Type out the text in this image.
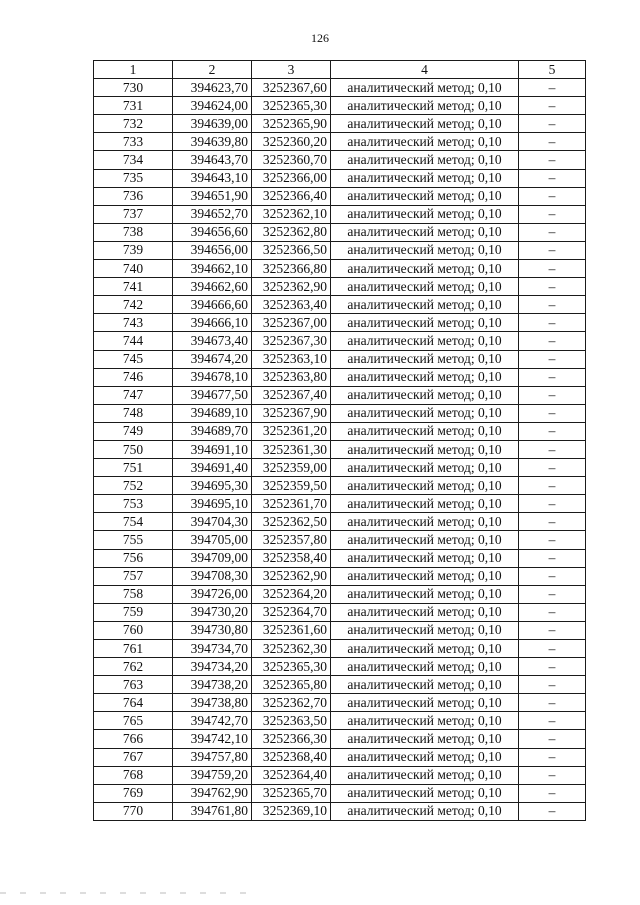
126
1	2	3	4	5
730	394623,70	3252367,60	аналитический метод; 0,10	–
731	394624,00	3252365,30	аналитический метод; 0,10	–
732	394639,00	3252365,90	аналитический метод; 0,10	–
733	394639,80	3252360,20	аналитический метод; 0,10	–
734	394643,70	3252360,70	аналитический метод; 0,10	–
735	394643,10	3252366,00	аналитический метод; 0,10	–
736	394651,90	3252366,40	аналитический метод; 0,10	–
737	394652,70	3252362,10	аналитический метод; 0,10	–
738	394656,60	3252362,80	аналитический метод; 0,10	–
739	394656,00	3252366,50	аналитический метод; 0,10	–
740	394662,10	3252366,80	аналитический метод; 0,10	–
741	394662,60	3252362,90	аналитический метод; 0,10	–
742	394666,60	3252363,40	аналитический метод; 0,10	–
743	394666,10	3252367,00	аналитический метод; 0,10	–
744	394673,40	3252367,30	аналитический метод; 0,10	–
745	394674,20	3252363,10	аналитический метод; 0,10	–
746	394678,10	3252363,80	аналитический метод; 0,10	–
747	394677,50	3252367,40	аналитический метод; 0,10	–
748	394689,10	3252367,90	аналитический метод; 0,10	–
749	394689,70	3252361,20	аналитический метод; 0,10	–
750	394691,10	3252361,30	аналитический метод; 0,10	–
751	394691,40	3252359,00	аналитический метод; 0,10	–
752	394695,30	3252359,50	аналитический метод; 0,10	–
753	394695,10	3252361,70	аналитический метод; 0,10	–
754	394704,30	3252362,50	аналитический метод; 0,10	–
755	394705,00	3252357,80	аналитический метод; 0,10	–
756	394709,00	3252358,40	аналитический метод; 0,10	–
757	394708,30	3252362,90	аналитический метод; 0,10	–
758	394726,00	3252364,20	аналитический метод; 0,10	–
759	394730,20	3252364,70	аналитический метод; 0,10	–
760	394730,80	3252361,60	аналитический метод; 0,10	–
761	394734,70	3252362,30	аналитический метод; 0,10	–
762	394734,20	3252365,30	аналитический метод; 0,10	–
763	394738,20	3252365,80	аналитический метод; 0,10	–
764	394738,80	3252362,70	аналитический метод; 0,10	–
765	394742,70	3252363,50	аналитический метод; 0,10	–
766	394742,10	3252366,30	аналитический метод; 0,10	–
767	394757,80	3252368,40	аналитический метод; 0,10	–
768	394759,20	3252364,40	аналитический метод; 0,10	–
769	394762,90	3252365,70	аналитический метод; 0,10	–
770	394761,80	3252369,10	аналитический метод; 0,10	–
